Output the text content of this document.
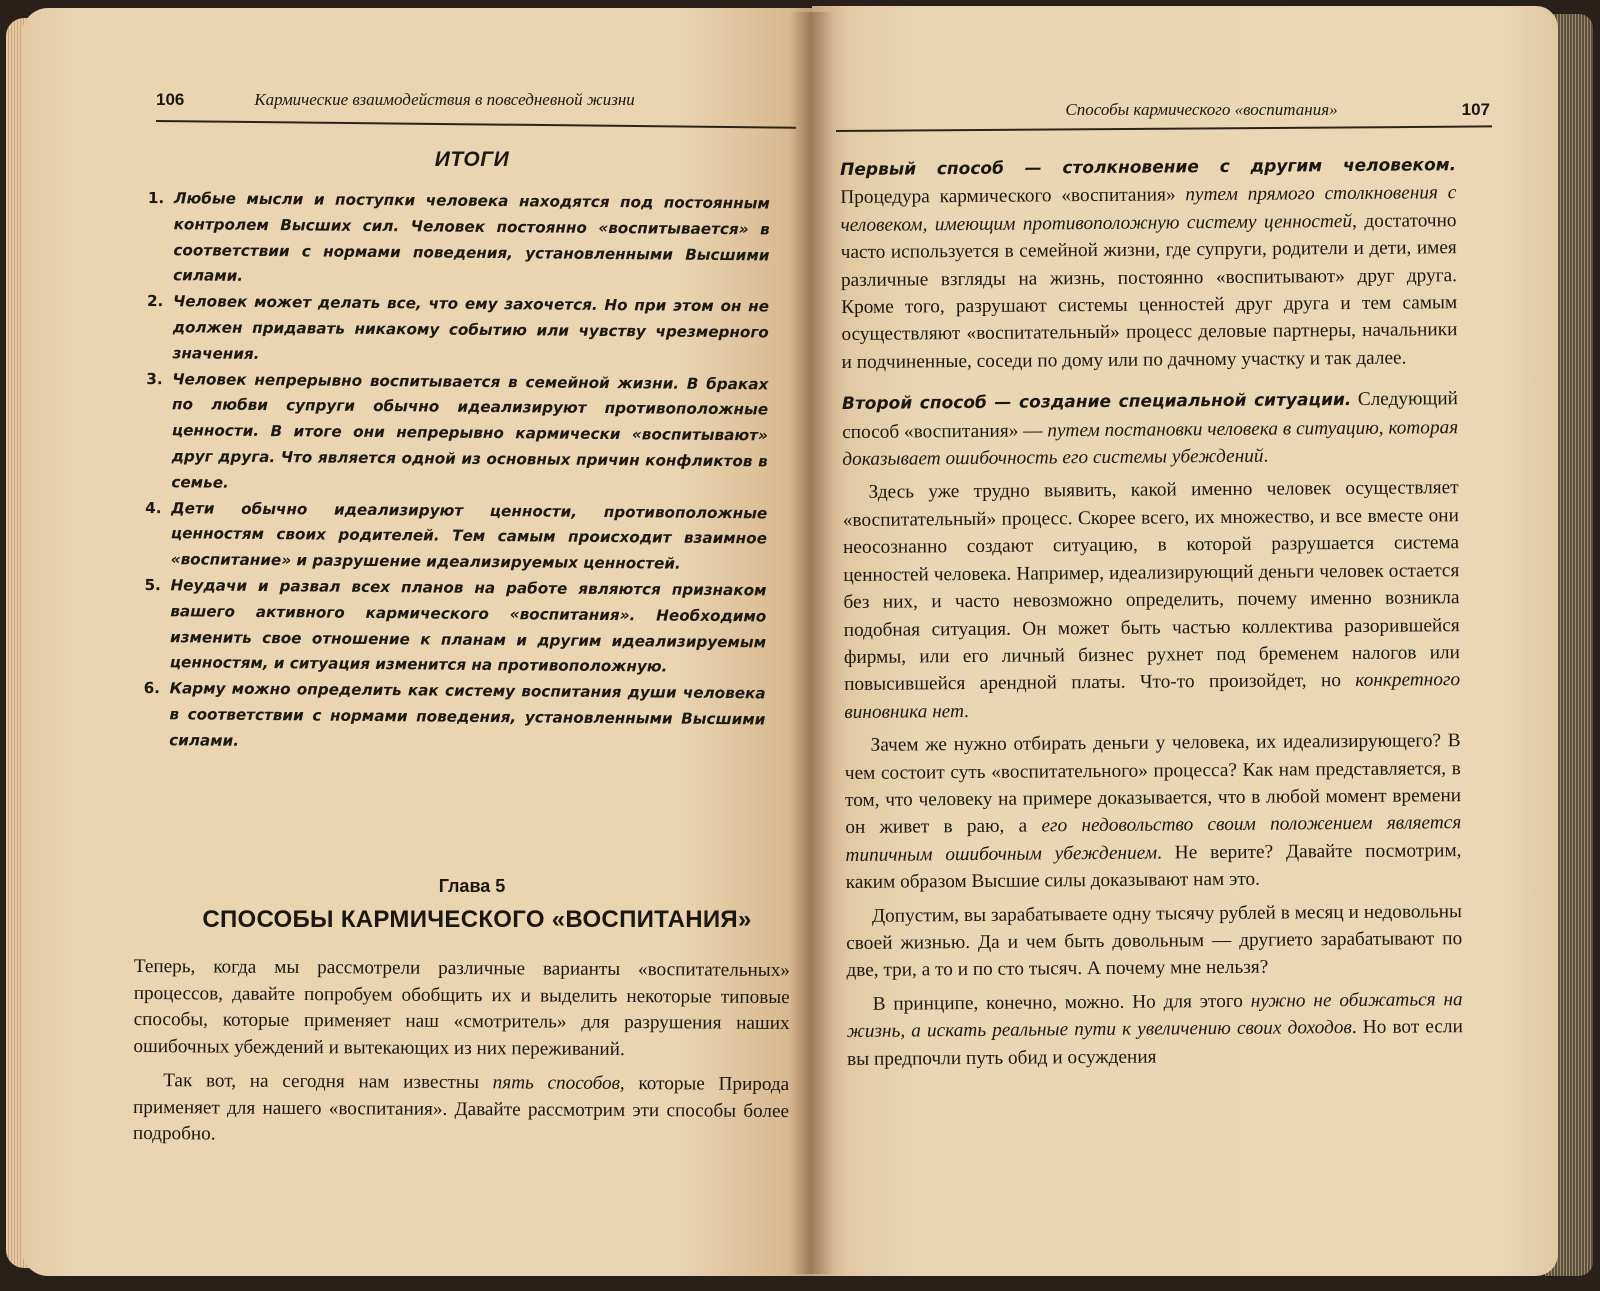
106	Кармические взаимодействия в повседневной жизни
ИТОГИ
1. Любые мысли и поступки человека находятся под постоянным контролем Высших сил. Человек постоянно «воспитывается» в соответствии с нормами поведения, установленными Высшими силами.
2. Человек может делать все, что ему захочется. Но при этом он не должен придавать никакому событию или чувству чрезмерного значения.
3. Человек непрерывно воспитывается в семейной жизни. В браках по любви супруги обычно идеализируют противоположные ценности. В итоге они непрерывно кармически «воспитывают» друг друга. Что является одной из основных причин конфликтов в семье.
4. Дети обычно идеализируют ценности, противоположные ценностям своих родителей. Тем самым происходит взаимное «воспитание» и разрушение идеализируемых ценностей.
5. Неудачи и развал всех планов на работе являются признаком вашего активного кармического «воспитания». Необходимо изменить свое отношение к планам и другим идеализируемым ценностям, и ситуация изменится на противоположную.
6. Карму можно определить как систему воспитания души человека в соответствии с нормами поведения, установленными Высшими силами.
Глава 5
СПОСОБЫ КАРМИЧЕСКОГО «ВОСПИТАНИЯ»

Теперь, когда мы рассмотрели различные варианты «воспитательных» процессов, давайте попробуем обобщить их и выделить некоторые типовые способы, которые применяет наш «смотритель» для разрушения наших ошибочных убеждений и вытекающих из них переживаний.

Так вот, на сегодня нам известны пять способов, которые Природа применяет для нашего «воспитания». Давайте рассмотрим эти способы более подробно.

Способы кармического «воспитания»	107

Первый способ — столкновение с другим человеком. Процедура кармического «воспитания» путем прямого столкновения с человеком, имеющим противоположную систему ценностей, достаточно часто используется в семейной жизни, где супруги, родители и дети, имея различные взгляды на жизнь, постоянно «воспитывают» друг друга. Кроме того, разрушают системы ценностей друг друга и тем самым осуществляют «воспитательный» процесс деловые партнеры, начальники и подчиненные, соседи по дому или по дачному участку и так далее.

Второй способ — создание специальной ситуации. Следующий способ «воспитания» — путем постановки человека в ситуацию, которая доказывает ошибочность его системы убеждений.

Здесь уже трудно выявить, какой именно человек осуществляет «воспитательный» процесс. Скорее всего, их множество, и все вместе они неосознанно создают ситуацию, в которой разрушается система ценностей человека. Например, идеализирующий деньги человек остается без них, и часто невозможно определить, почему именно возникла подобная ситуация. Он может быть частью коллектива разорившейся фирмы, или его личный бизнес рухнет под бременем налогов или повысившейся арендной платы. Что-то произойдет, но конкретного виновника нет.

Зачем же нужно отбирать деньги у человека, их идеализирующего? В чем состоит суть «воспитательного» процесса? Как нам представляется, в том, что человеку на примере доказывается, что в любой момент времени он живет в раю, а его недовольство своим положением является типичным ошибочным убеждением. Не верите? Давайте посмотрим, каким образом Высшие силы доказывают нам это.

Допустим, вы зарабатываете одну тысячу рублей в месяц и недовольны своей жизнью. Да и чем быть довольным — другието зарабатывают по две, три, а то и по сто тысяч. А почему мне нельзя?

В принципе, конечно, можно. Но для этого нужно не обижаться на жизнь, а искать реальные пути к увеличению своих доходов. Но вот если вы предпочли путь обид и осуждения
